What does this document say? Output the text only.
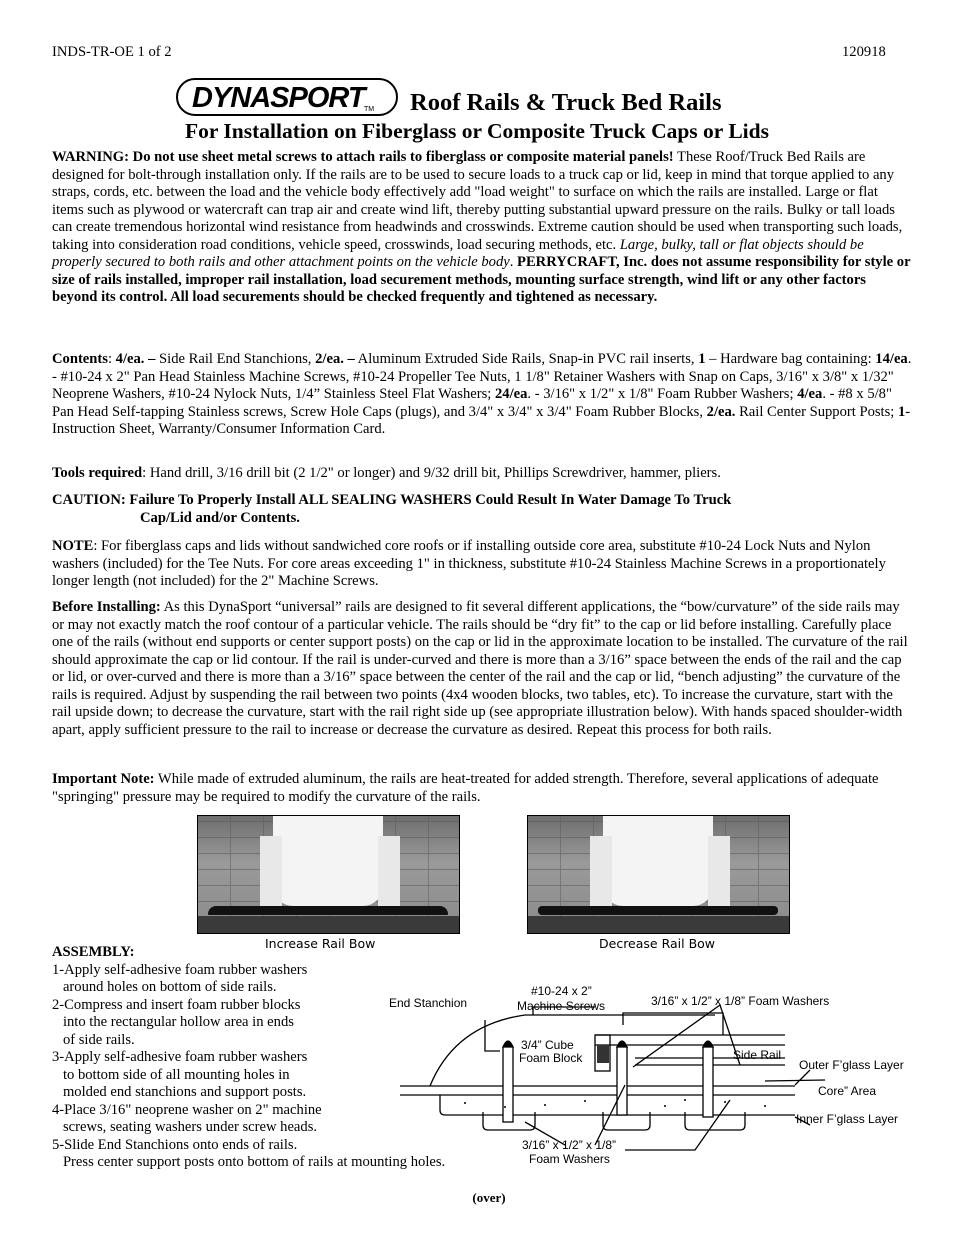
INDS-TR-OE 1 of 2	120918
DYNASPORT TM Roof Rails & Truck Bed Rails
For Installation on Fiberglass or Composite Truck Caps or Lids
WARNING: Do not use sheet metal screws to attach rails to fiberglass or composite material panels! These Roof/Truck Bed Rails are designed for bolt-through installation only. If the rails are to be used to secure loads to a truck cap or lid, keep in mind that torque applied to any straps, cords, etc. between the load and the vehicle body effectively add "load weight" to surface on which the rails are installed. Large or flat items such as plywood or watercraft can trap air and create wind lift, thereby putting substantial upward pressure on the rails. Bulky or tall loads can create tremendous horizontal wind resistance from headwinds and crosswinds. Extreme caution should be used when transporting such loads, taking into consideration road conditions, vehicle speed, crosswinds, load securing methods, etc. Large, bulky, tall or flat objects should be properly secured to both rails and other attachment points on the vehicle body. PERRYCRAFT, Inc. does not assume responsibility for style or size of rails installed, improper rail installation, load securement methods, mounting surface strength, wind lift or any other factors beyond its control. All load securements should be checked frequently and tightened as necessary.
Contents: 4/ea. – Side Rail End Stanchions, 2/ea. – Aluminum Extruded Side Rails, Snap-in PVC rail inserts, 1 – Hardware bag containing: 14/ea. - #10-24 x 2" Pan Head Stainless Machine Screws, #10-24 Propeller Tee Nuts, 1 1/8" Retainer Washers with Snap on Caps, 3/16" x 3/8" x 1/32" Neoprene Washers, #10-24 Nylock Nuts, 1/4” Stainless Steel Flat Washers; 24/ea. - 3/16" x 1/2" x 1/8" Foam Rubber Washers; 4/ea. - #8 x 5/8" Pan Head Self-tapping Stainless screws, Screw Hole Caps (plugs), and 3/4" x 3/4" x 3/4" Foam Rubber Blocks, 2/ea. Rail Center Support Posts; 1- Instruction Sheet, Warranty/Consumer Information Card.
Tools required: Hand drill, 3/16 drill bit (2 1/2" or longer) and 9/32 drill bit, Phillips Screwdriver, hammer, pliers.
CAUTION: Failure To Properly Install ALL SEALING WASHERS Could Result In Water Damage To Truck
Cap/Lid and/or Contents.
NOTE: For fiberglass caps and lids without sandwiched core roofs or if installing outside core area, substitute #10-24 Lock Nuts and Nylon washers (included) for the Tee Nuts. For core areas exceeding 1" in thickness, substitute #10-24 Stainless Machine Screws in a proportionately longer length (not included) for the 2" Machine Screws.
Before Installing: As this DynaSport “universal” rails are designed to fit several different applications, the “bow/curvature” of the side rails may or may not exactly match the roof contour of a particular vehicle. The rails should be “dry fit” to the cap or lid before installing. Carefully place one of the rails (without end supports or center support posts) on the cap or lid in the approximate location to be installed. The curvature of the rail should approximate the cap or lid contour. If the rail is under-curved and there is more than a 3/16” space between the ends of the rail and the cap or lid, or over-curved and there is more than a 3/16” space between the center of the rail and the cap or lid, “bench adjusting” the curvature of the rails is required. Adjust by suspending the rail between two points (4x4 wooden blocks, two tables, etc). To increase the curvature, start with the rail upside down; to decrease the curvature, start with the rail right side up (see appropriate illustration below). With hands spaced shoulder-width apart, apply sufficient pressure to the rail to increase or decrease the curvature as desired. Repeat this process for both rails.
Important Note: While made of extruded aluminum, the rails are heat-treated for added strength. Therefore, several applications of adequate "springing" pressure may be required to modify the curvature of the rails.
Increase Rail Bow	Decrease Rail Bow
ASSEMBLY:
1-Apply self-adhesive foam rubber washers
around holes on bottom of side rails.
2-Compress and insert foam rubber blocks
into the rectangular hollow area in ends
of side rails.
3-Apply self-adhesive foam rubber washers
to bottom side of all mounting holes in
molded end stanchions and support posts.
4-Place 3/16" neoprene washer on 2" machine
screws, seating washers under screw heads.
5-Slide End Stanchions onto ends of rails.
Press center support posts onto bottom of rails at mounting holes.
End Stanchion
#10-24 x 2”
Machine Screws	3/16” x 1/2” x 1/8” Foam Washers
3/4” Cube
Foam Block	Side Rail
Outer F’glass Layer
Core” Area
Inner F’glass Layer
3/16” x 1/2” x 1/8”
Foam Washers
(over)
